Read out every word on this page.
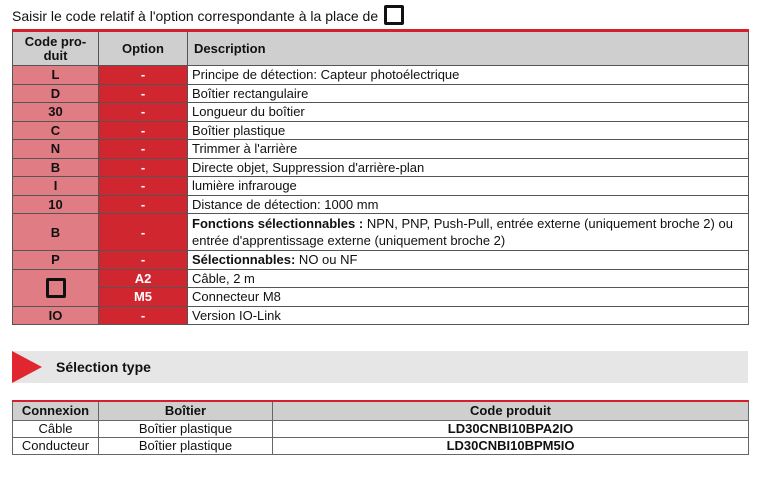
Saisir le code relatif à l'option correspondante à la place de
Code pro-duit	Option	Description
L	-	Principe de détection: Capteur photoélectrique
D	-	Boîtier rectangulaire
30	-	Longueur du boîtier
C	-	Boîtier plastique
N	-	Trimmer à l'arrière
B	-	Directe objet, Suppression d'arrière-plan
I	-	lumière infrarouge
10	-	Distance de détection: 1000 mm
B	-	Fonctions sélectionnables : NPN, PNP, Push-Pull, entrée externe (uniquement broche 2) ou entrée d'apprentissage externe (uniquement broche 2)
P	-	Sélectionnables: NO ou NF
	A2	Câble, 2 m
	M5	Connecteur M8
IO	-	Version IO-Link
Sélection type
Connexion	Boîtier	Code produit
Câble	Boîtier plastique	LD30CNBI10BPA2IO
Conducteur	Boîtier plastique	LD30CNBI10BPM5IO
